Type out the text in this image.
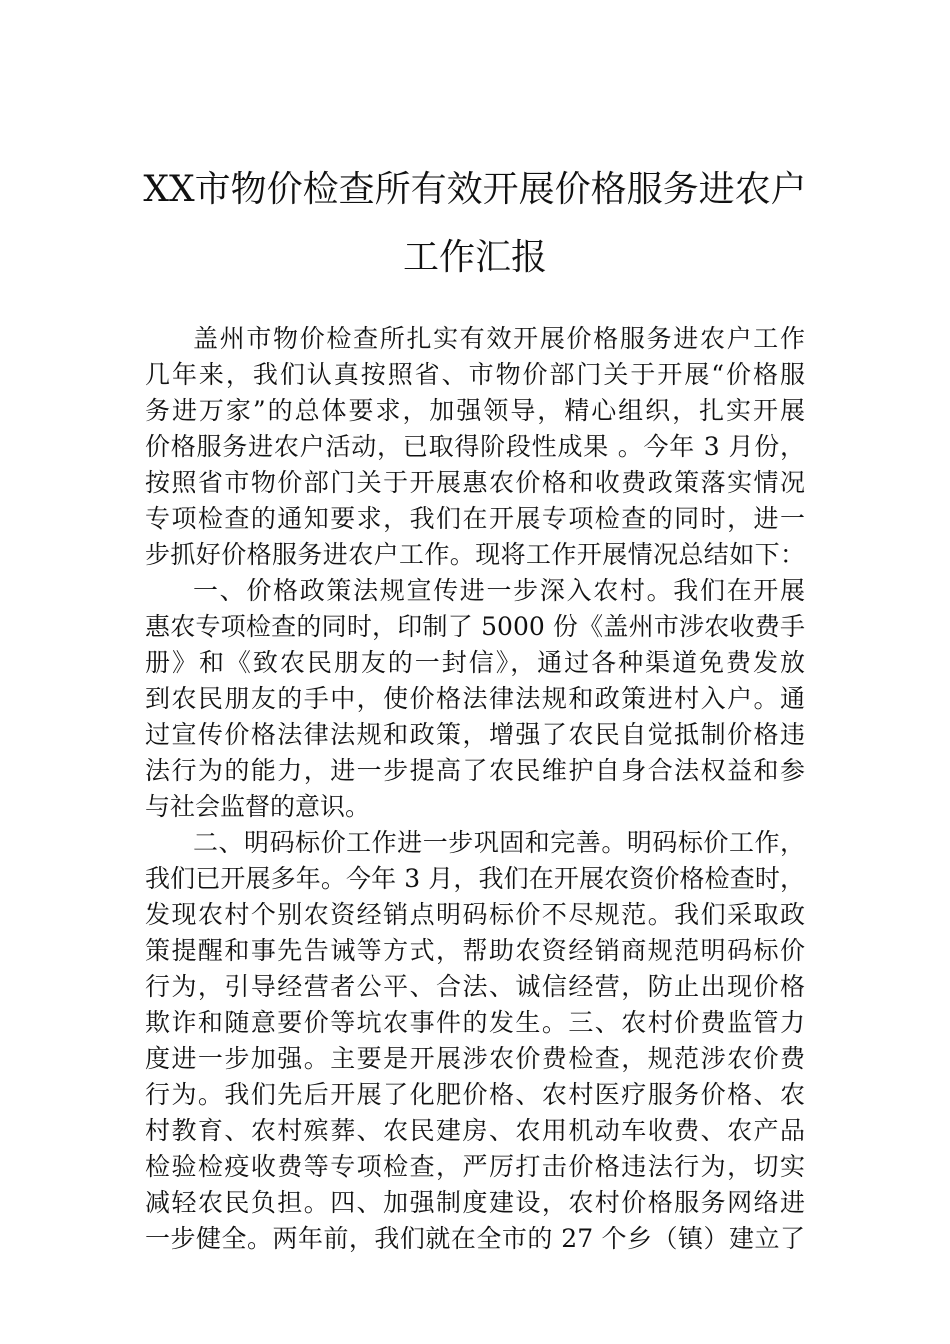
XX市物价检查所有效开展价格服务进农户
工作汇报
盖州市物价检查所扎实有效开展价格服务进农户工作
几年来，我们认真按照省、市物价部门关于开展“价格服
务进万家”的总体要求，加强领导，精心组织，扎实开展
价格服务进农户活动，已取得阶段性成果 。今年 3 月份，
按照省市物价部门关于开展惠农价格和收费政策落实情况
专项检查的通知要求，我们在开展专项检查的同时，进一
步抓好价格服务进农户工作。现将工作开展情况总结如下：
一、价格政策法规宣传进一步深入农村。我们在开展
惠农专项检查的同时，印制了 5000 份《盖州市涉农收费手
册》和《致农民朋友的一封信》，通过各种渠道免费发放
到农民朋友的手中，使价格法律法规和政策进村入户。通
过宣传价格法律法规和政策，增强了农民自觉抵制价格违
法行为的能力，进一步提高了农民维护自身合法权益和参
与社会监督的意识。
二、明码标价工作进一步巩固和完善。明码标价工作，
我们已开展多年。今年 3 月，我们在开展农资价格检查时，
发现农村个别农资经销点明码标价不尽规范。我们采取政
策提醒和事先告诫等方式，帮助农资经销商规范明码标价
行为，引导经营者公平、合法、诚信经营，防止出现价格
欺诈和随意要价等坑农事件的发生。三、农村价费监管力
度进一步加强。主要是开展涉农价费检查，规范涉农价费
行为。我们先后开展了化肥价格、农村医疗服务价格、农
村教育、农村殡葬、农民建房、农用机动车收费、农产品
检验检疫收费等专项检查，严厉打击价格违法行为，切实
减轻农民负担。四、加强制度建设，农村价格服务网络进
一步健全。两年前，我们就在全市的 27 个乡（镇）建立了
